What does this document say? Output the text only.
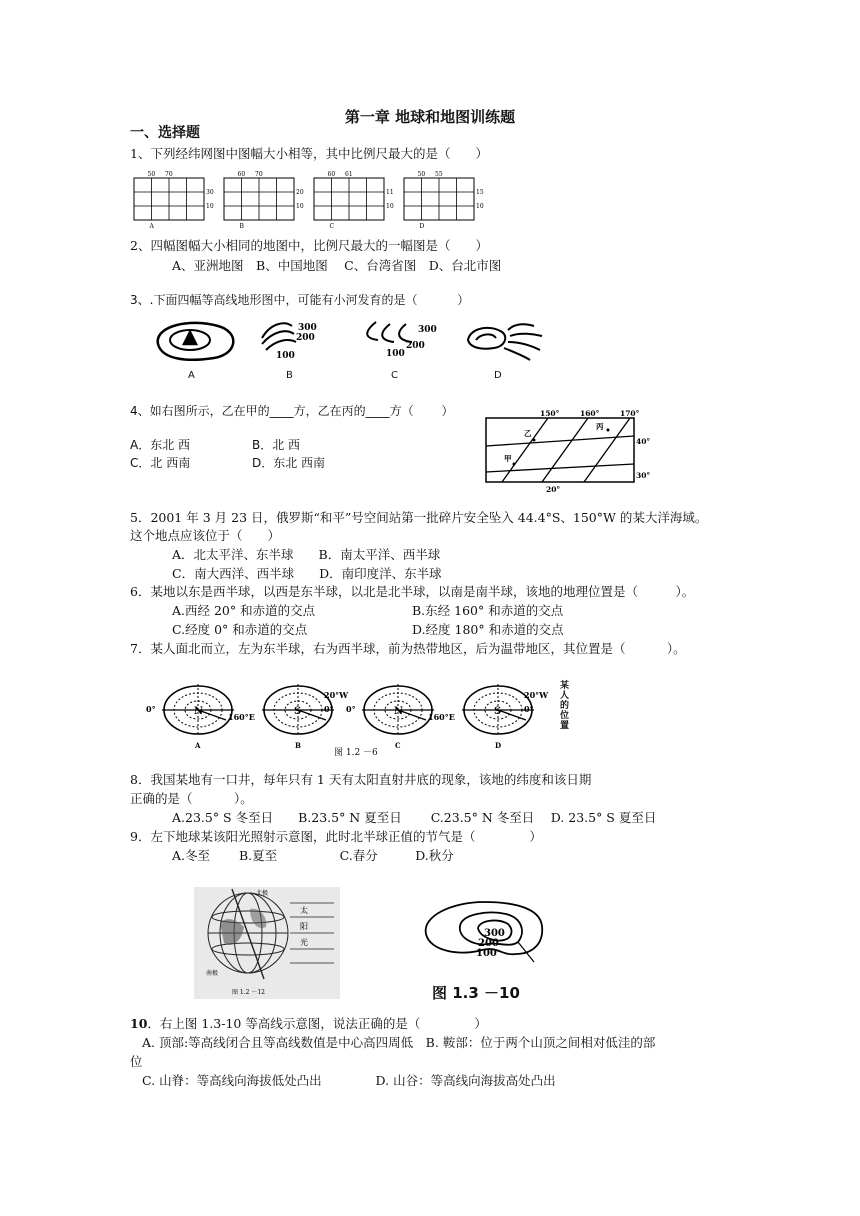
第一章 地球和地图训练题
一、选择题
1、下列经纬网图中图幅大小相等，其中比例尺最大的是（　　）
50 70
30
10
A
60 70
20
10
B
60 61
11
10
C
50 55
15
10
D
2、四幅图幅大小相同的地图中，比例尺最大的一幅图是（　　）
A、亚洲地图　B、中国地图　 C、台湾省图　D、台北市图
3、.下面四幅等高线地形图中，可能有小河发育的是（　　　 ）
300
200
100
300
200
100
A	B	C	D
4、如右图所示，乙在甲的____方，乙在丙的____方（　　 ）
A．东北 西	B．北 西
C．北 西南	D．东北 西南
150°	160°	170°
40°
30°
20°
乙
丙
甲
5．2001 年 3 月 23 日，俄罗斯“和平”号空间站第一批碎片安全坠入 44.4°S、150°W 的某大洋海域。
这个地点应该位于（　　）
A．北太平洋、东半球　　B．南太平洋、西半球
C．南大西洋、西半球　　D．南印度洋、东半球
6．某地以东是西半球，以西是东半球，以北是北半球，以南是南半球，该地的地理位置是（　　　）。
A.西经 20° 和赤道的交点	B.东经 160° 和赤道的交点
C.经度 0° 和赤道的交点	D.经度 180° 和赤道的交点
7．某人面北而立，左为东半球，右为西半球，前为热带地区，后为温带地区，其位置是（　　　 ）。
N
0°
160°E
A
S	0°
20°W
B
N
0°
160°E
C
S	0°
20°W
D
某人的位置
图 1.2 －6
8．我国某地有一口井，每年只有 1 天有太阳直射井底的现象，该地的纬度和该日期
正确的是（　　　 ）。
A.23.5° S 冬至日　　B.23.5° N 夏至日　　 C.23.5° N 冬至日　 D. 23.5° S 夏至日
9．左下地球某该阳光照射示意图，此时北半球正值的节气是（　　　　 ）
A.冬至　　 B.夏至　　　　　C.春分　　　D.秋分
太
阳
光
北极
南极
图 1.2 －12
300
200
100
图 1.3 －10
10．右上图 1.3-10 等高线示意图，说法正确的是（　　　　 ）
A. 顶部:等高线闭合且等高线数值是中心高四周低　B. 鞍部：位于两个山顶之间相对低洼的部
位
C. 山脊：等高线向海拔低处凸出　　　　 D. 山谷：等高线向海拔高处凸出
